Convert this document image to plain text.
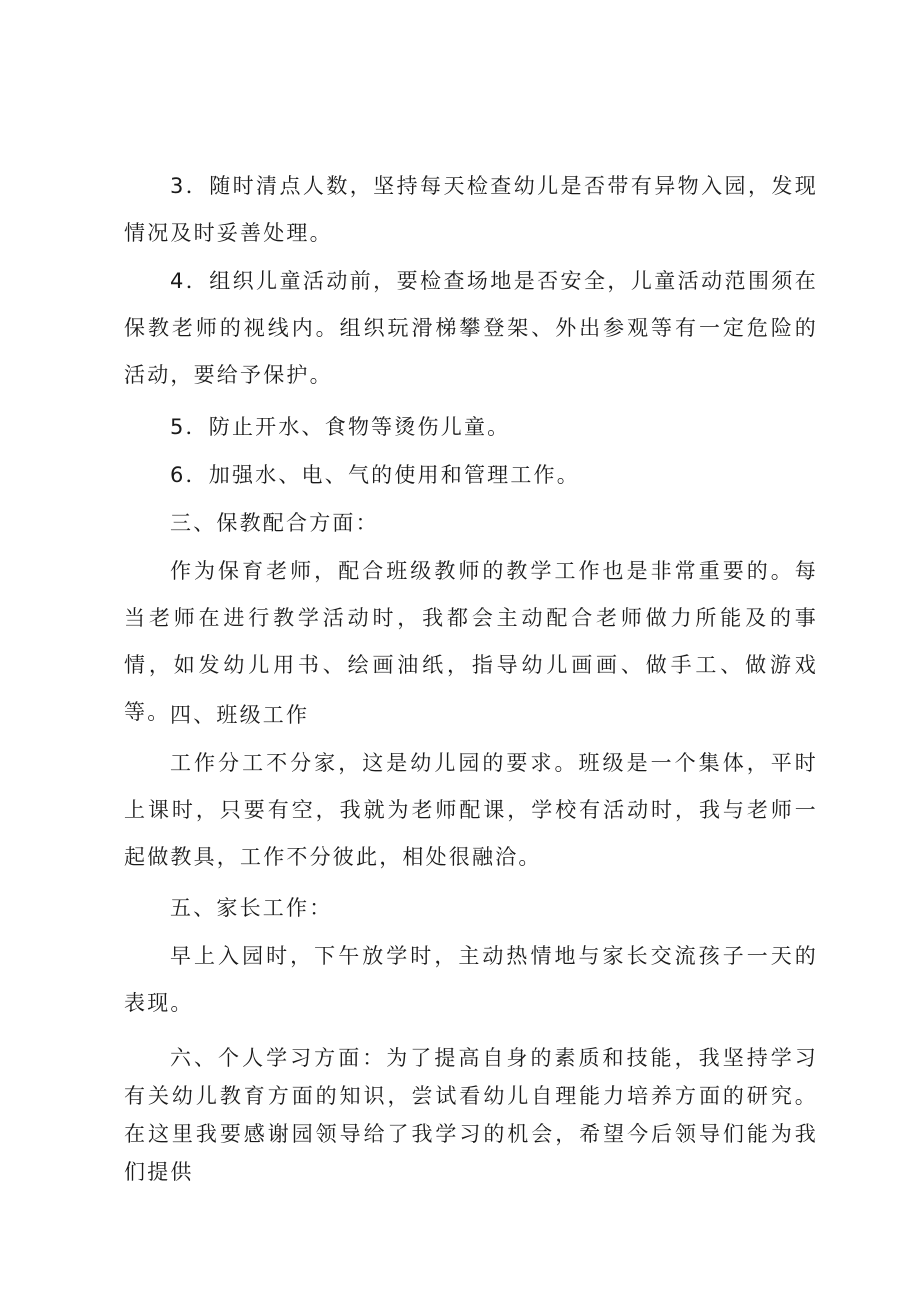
3．随时清点人数，坚持每天检查幼儿是否带有异物入园，发现情况及时妥善处理。

4．组织儿童活动前，要检查场地是否安全，儿童活动范围须在保教老师的视线内。组织玩滑梯攀登架、外出参观等有一定危险的活动，要给予保护。

5．防止开水、食物等烫伤儿童。

6．加强水、电、气的使用和管理工作。

三、保教配合方面：

作为保育老师，配合班级教师的教学工作也是非常重要的。每当老师在进行教学活动时，我都会主动配合老师做力所能及的事情，如发幼儿用书、绘画油纸，指导幼儿画画、做手工、做游戏等。 四、班级工作

工作分工不分家，这是幼儿园的要求。班级是一个集体，平时上课时，只要有空，我就为老师配课，学校有活动时，我与老师一起做教具，工作不分彼此，相处很融洽。

五、家长工作：

早上入园时，下午放学时，主动热情地与家长交流孩子一天的表现。

六、个人学习方面：为了提高自身的素质和技能，我坚持学习有关幼儿教育方面的知识，尝试看幼儿自理能力培养方面的研究。在这里我要感谢园领导给了我学习的机会，希望今后领导们能为我们提供
